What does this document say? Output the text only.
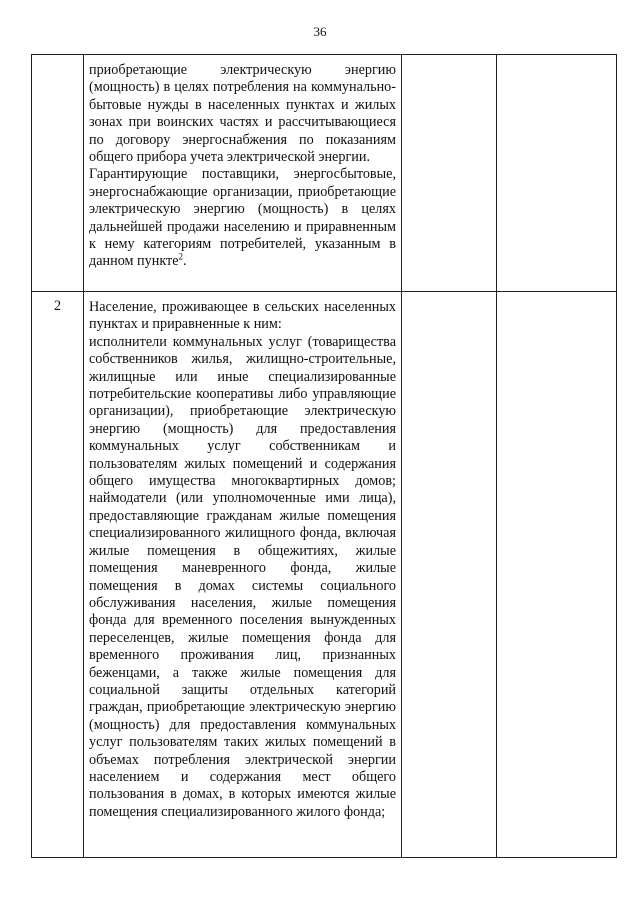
36

	приобретающие электрическую энергию (мощность) в целях потребления на коммунально-бытовые нужды в населенных пунктах и жилых зонах при воинских частях и рассчитывающиеся по договору энергоснабжения по показаниям общего прибора учета электрической энергии.
Гарантирующие поставщики, энергосбытовые, энергоснабжающие организации, приобретающие электрическую энергию (мощность) в целях дальнейшей продажи населению и приравненным к нему категориям потребителей, указанным в данном пункте$^2$.		

2	Население, проживающее в сельских населенных пунктах и приравненные к ним:
исполнители коммунальных услуг (товарищества собственников жилья, жилищно-строительные, жилищные или иные специализированные потребительские кооперативы либо управляющие организации), приобретающие электрическую энергию (мощность) для предоставления коммунальных услуг собственникам и пользователям жилых помещений и содержания общего имущества многоквартирных домов; наймодатели (или уполномоченные ими лица), предоставляющие гражданам жилые помещения специализированного жилищного фонда, включая жилые помещения в общежитиях, жилые помещения маневренного фонда, жилые помещения в домах системы социального обслуживания населения, жилые помещения фонда для временного поселения вынужденных переселенцев, жилые помещения фонда для временного проживания лиц, признанных беженцами, а также жилые помещения для социальной защиты отдельных категорий граждан, приобретающие электрическую энергию (мощность) для предоставления коммунальных услуг пользователям таких жилых помещений в объемах потребления электрической энергии населением и содержания мест общего пользования в домах, в которых имеются жилые помещения специализированного жилого фонда;		
